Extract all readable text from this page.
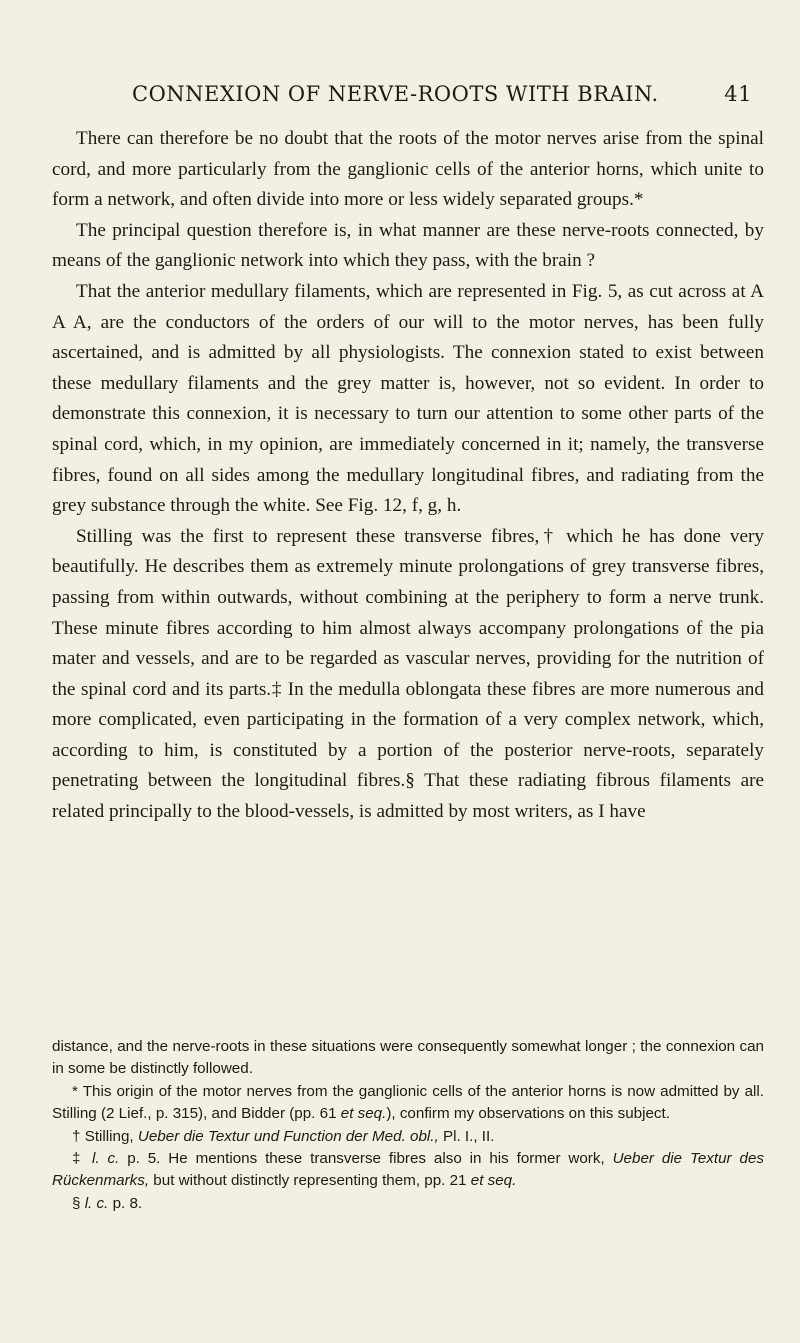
CONNEXION OF NERVE-ROOTS WITH BRAIN.	41

There can therefore be no doubt that the roots of the motor nerves arise from the spinal cord, and more particularly from the ganglionic cells of the anterior horns, which unite to form a network, and often divide into more or less widely separated groups.*

The principal question therefore is, in what manner are these nerve-roots connected, by means of the ganglionic network into which they pass, with the brain ?

That the anterior medullary filaments, which are represented in Fig. 5, as cut across at A A A, are the conductors of the orders of our will to the motor nerves, has been fully ascertained, and is admitted by all physiologists. The connexion stated to exist between these medullary filaments and the grey matter is, however, not so evident. In order to demonstrate this connexion, it is necessary to turn our attention to some other parts of the spinal cord, which, in my opinion, are immediately concerned in it; namely, the transverse fibres, found on all sides among the medullary longitudinal fibres, and radiating from the grey substance through the white. See Fig. 12, f, g, h.

Stilling was the first to represent these transverse fibres,† which he has done very beautifully. He describes them as extremely minute prolongations of grey transverse fibres, passing from within outwards, without combining at the periphery to form a nerve trunk. These minute fibres according to him almost always accompany prolongations of the pia mater and vessels, and are to be regarded as vascular nerves, providing for the nutrition of the spinal cord and its parts.‡ In the medulla oblongata these fibres are more numerous and more complicated, even participating in the formation of a very complex network, which, according to him, is constituted by a portion of the posterior nerve-roots, separately penetrating between the longitudinal fibres.§ That these radiating fibrous filaments are related principally to the blood-vessels, is admitted by most writers, as I have

distance, and the nerve-roots in these situations were consequently somewhat longer ; the connexion can in some be distinctly followed.

* This origin of the motor nerves from the ganglionic cells of the anterior horns is now admitted by all. Stilling (2 Lief., p. 315), and Bidder (pp. 61 et seq.), confirm my observations on this subject.

† Stilling, Ueber die Textur und Function der Med. obl., Pl. I., II.

‡ l. c. p. 5. He mentions these transverse fibres also in his former work, Ueber die Textur des Rückenmarks, but without distinctly representing them, pp. 21 et seq.

§ l. c. p. 8.
